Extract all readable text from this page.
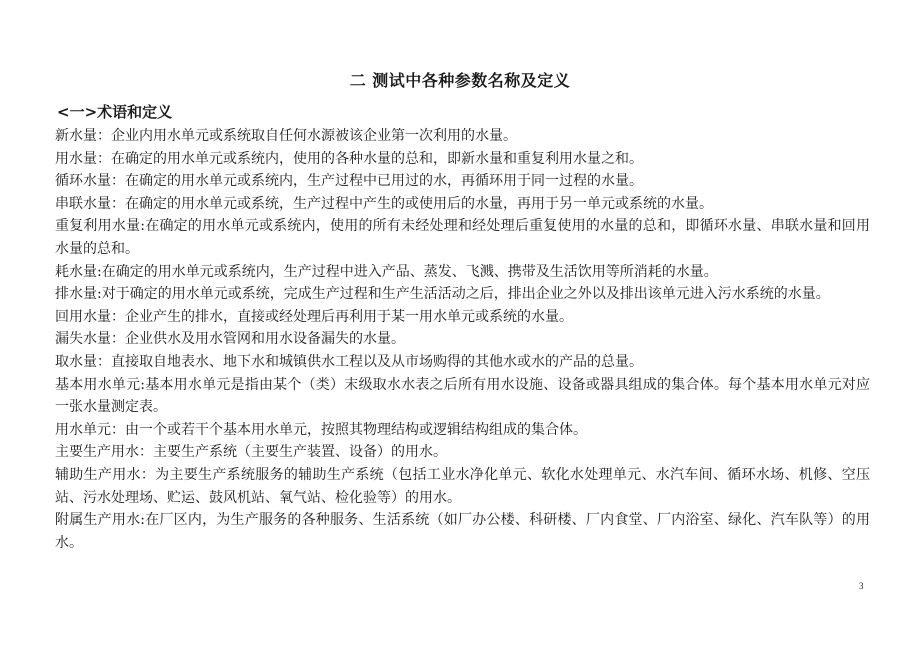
二 测试中各种参数名称及定义
<一>术语和定义

新水量：企业内用水单元或系统取自任何水源被该企业第一次利用的水量。

用水量：在确定的用水单元或系统内，使用的各种水量的总和，即新水量和重复利用水量之和。

循环水量：在确定的用水单元或系统内，生产过程中已用过的水，再循环用于同一过程的水量。

串联水量：在确定的用水单元或系统，生产过程中产生的或使用后的水量，再用于另一单元或系统的水量。

重复利用水量:在确定的用水单元或系统内，使用的所有未经处理和经处理后重复使用的水量的总和，即循环水量、串联水量和回用水量的总和。

耗水量:在确定的用水单元或系统内，生产过程中进入产品、蒸发、飞溅、携带及生活饮用等所消耗的水量。

排水量:对于确定的用水单元或系统，完成生产过程和生产生活活动之后，排出企业之外以及排出该单元进入污水系统的水量。

回用水量：企业产生的排水，直接或经处理后再利用于某一用水单元或系统的水量。

漏失水量：企业供水及用水管网和用水设备漏失的水量。

取水量：直接取自地表水、地下水和城镇供水工程以及从市场购得的其他水或水的产品的总量。

基本用水单元:基本用水单元是指由某个（类）末级取水水表之后所有用水设施、设备或器具组成的集合体。每个基本用水单元对应一张水量测定表。

用水单元：由一个或若干个基本用水单元，按照其物理结构或逻辑结构组成的集合体。

主要生产用水：主要生产系统（主要生产装置、设备）的用水。

辅助生产用水：为主要生产系统服务的辅助生产系统（包括工业水净化单元、软化水处理单元、水汽车间、循环水场、机修、空压站、污水处理场、贮运、鼓风机站、氧气站、检化验等）的用水。

附属生产用水:在厂区内，为生产服务的各种服务、生活系统（如厂办公楼、科研楼、厂内食堂、厂内浴室、绿化、汽车队等）的用水。

3
